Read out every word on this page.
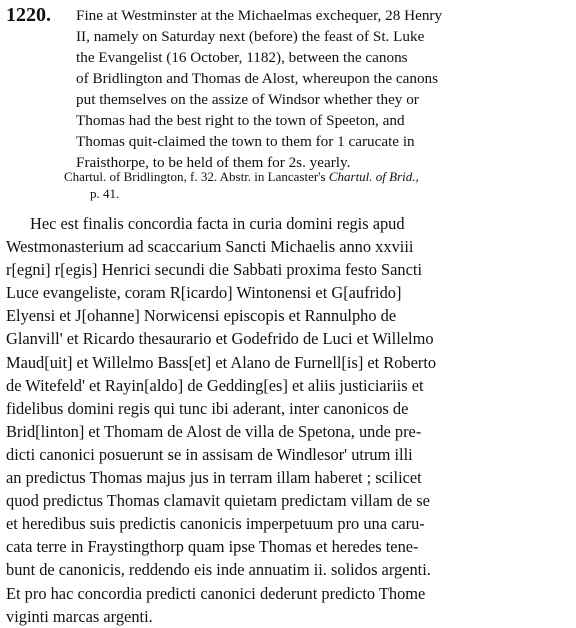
1220. Fine at Westminster at the Michaelmas exchequer, 28 Henry
II, namely on Saturday next (before) the feast of St. Luke
the Evangelist (16 October, 1182), between the canons
of Bridlington and Thomas de Alost, whereupon the canons
put themselves on the assize of Windsor whether they or
Thomas had the best right to the town of Speeton, and
Thomas quit-claimed the town to them for 1 carucate in
Fraisthorpe, to be held of them for 2s. yearly.
Chartul. of Bridlington, f. 32. Abstr. in Lancaster's Chartul. of Brid.,
p. 41.
Hec est finalis concordia facta in curia domini regis apud
Westmonasterium ad scaccarium Sancti Michaelis anno xxviii
r[egni] r[egis] Henrici secundi die Sabbati proxima festo Sancti
Luce evangeliste, coram R[icardo] Wintonensi et G[aufrido]
Elyensi et J[ohanne] Norwicensi episcopis et Rannulpho de
Glanvill' et Ricardo thesaurario et Godefrido de Luci et Willelmo
Maud[uit] et Willelmo Bass[et] et Alano de Furnell[is] et Roberto
de Witefeld' et Rayin[aldo] de Gedding[es] et aliis justiciariis et
fidelibus domini regis qui tunc ibi aderant, inter canonicos de
Brid[linton] et Thomam de Alost de villa de Spetona, unde pre-
dicti canonici posuerunt se in assisam de Windlesor' utrum illi
an predictus Thomas majus jus in terram illam haberet ; scilicet
quod predictus Thomas clamavit quietam predictam villam de se
et heredibus suis predictis canonicis imperpetuum pro una caru-
cata terre in Fraystingthorp quam ipse Thomas et heredes tene-
bunt de canonicis, reddendo eis inde annuatim ii. solidos argenti.
Et pro hac concordia predicti canonici dederunt predicto Thome
viginti marcas argenti.
